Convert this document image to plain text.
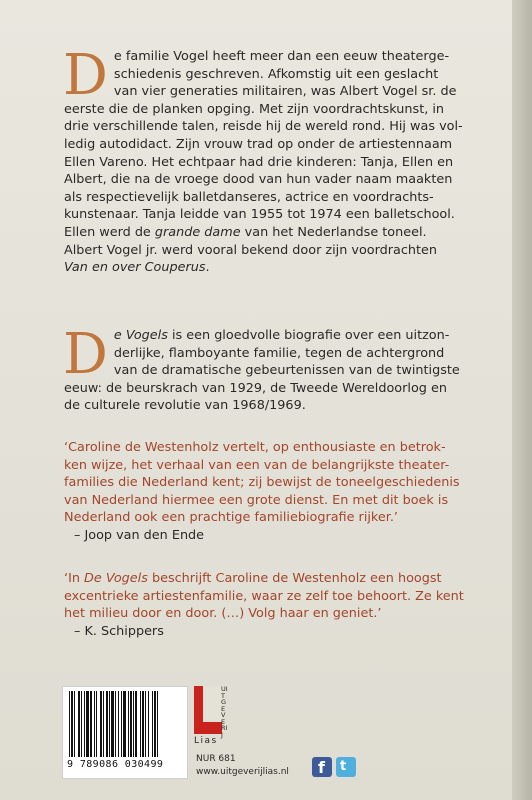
D e familie Vogel heeft meer dan een eeuw theaterge-
schiedenis geschreven. Afkomstig uit een geslacht
van vier generaties militairen, was Albert Vogel sr. de
eerste die de planken opging. Met zijn voordrachtskunst, in
drie verschillende talen, reisde hij de wereld rond. Hij was vol-
ledig autodidact. Zijn vrouw trad op onder de artiestennaam
Ellen Vareno. Het echtpaar had drie kinderen: Tanja, Ellen en
Albert, die na de vroege dood van hun vader naam maakten
als respectievelijk balletdanseres, actrice en voordrachts-
kunstenaar. Tanja leidde van 1955 tot 1974 een balletschool.
Ellen werd de grande dame van het Nederlandse toneel.
Albert Vogel jr. werd vooral bekend door zijn voordrachten
Van en over Couperus.
D e Vogels is een gloedvolle biografie over een uitzon-
derlijke, flamboyante familie, tegen de achtergrond
van de dramatische gebeurtenissen van de twintigste
eeuw: de beurskrach van 1929, de Tweede Wereldoorlog en
de culturele revolutie van 1968/1969.
‘Caroline de Westenholz vertelt, op enthousiaste en betrok-
ken wijze, het verhaal van een van de belangrijkste theater-
families die Nederland kent; zij bewijst de toneelgeschiedenis
van Nederland hiermee een grote dienst. En met dit boek is
Nederland ook een prachtige familiebiografie rijker.’
– Joop van den Ende
‘In De Vogels beschrijft Caroline de Westenholz een hoogst
excentrieke artiestenfamilie, waar ze zelf toe behoort. Ze kent
het milieu door en door. (…) Volg haar en geniet.’
– K. Schippers
9 789086 030499
Lias
UITGEVERIJ
NUR 681
www.uitgeverijlias.nl f t
